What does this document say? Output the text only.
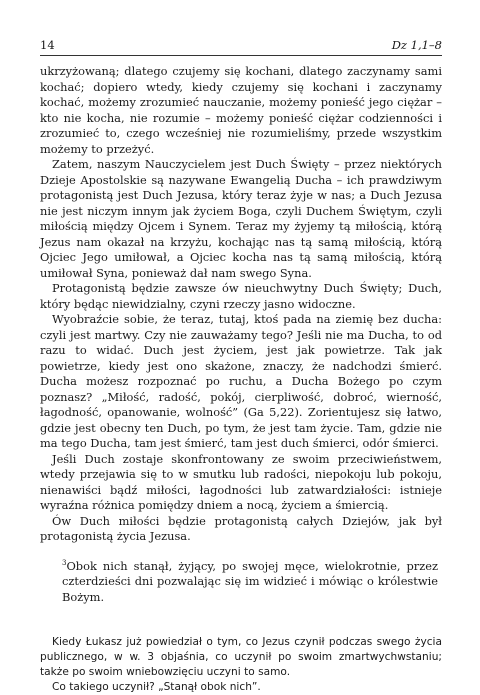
14	Dz 1,1–8

ukrzyżowaną; dlatego czujemy się kochani, dlatego zaczynamy sami kochać; dopiero wtedy, kiedy czujemy się kochani i zaczynamy kochać, możemy zrozumieć nauczanie, możemy ponieść jego ciężar – kto nie kocha, nie rozumie – możemy ponieść ciężar codzienności i zrozumieć to, czego wcześniej nie rozumieliśmy, przede wszystkim możemy to przeżyć.

Zatem, naszym Nauczycielem jest Duch Święty – przez niektórych Dzieje Apostolskie są nazywane Ewangelią Ducha – ich prawdziwym protagonistą jest Duch Jezusa, który teraz żyje w nas; a Duch Jezusa nie jest niczym innym jak życiem Boga, czyli Duchem Świętym, czyli miłością między Ojcem i Synem. Teraz my żyjemy tą miłością, którą Jezus nam okazał na krzyżu, kochając nas tą samą miłością, którą Ojciec Jego umiłował, a Ojciec kocha nas tą samą miłością, którą umiłował Syna, ponieważ dał nam swego Syna.

Protagonistą będzie zawsze ów nieuchwytny Duch Święty; Duch, który będąc niewidzialny, czyni rzeczy jasno widoczne.

Wyobraźcie sobie, że teraz, tutaj, ktoś pada na ziemię bez ducha: czyli jest martwy. Czy nie zauważamy tego? Jeśli nie ma Ducha, to od razu to widać. Duch jest życiem, jest jak powietrze. Tak jak powietrze, kiedy jest ono skażone, znaczy, że nadchodzi śmierć. Ducha możesz rozpoznać po ruchu, a Ducha Bożego po czym poznasz? „Miłość, radość, pokój, cierpliwość, dobroć, wierność, łagodność, opanowanie, wolność” (Ga 5,22). Zorientujesz się łatwo, gdzie jest obecny ten Duch, po tym, że jest tam życie. Tam, gdzie nie ma tego Ducha, tam jest śmierć, tam jest duch śmierci, odór śmierci.

Jeśli Duch zostaje skonfrontowany ze swoim przeciwieństwem, wtedy przejawia się to w smutku lub radości, niepokoju lub pokoju, nienawiści bądź miłości, łagodności lub zatwardziałości: istnieje wyraźna różnica pomiędzy dniem a nocą, życiem a śmiercią.

Ów Duch miłości będzie protagonistą całych Dziejów, jak był protagonistą życia Jezusa.

$^3$Obok nich stanął, żyjący, po swojej męce, wielokrotnie, przez czterdzieści dni pozwalając się im widzieć i mówiąc o królestwie Bożym.

Kiedy Łukasz już powiedział o tym, co Jezus czynił podczas swego życia publicznego, w w. 3 objaśnia, co uczynił po swoim zmartwychwstaniu; także po swoim wniebowzięciu uczyni to samo.

Co takiego uczynił? „Stanął obok nich”.
